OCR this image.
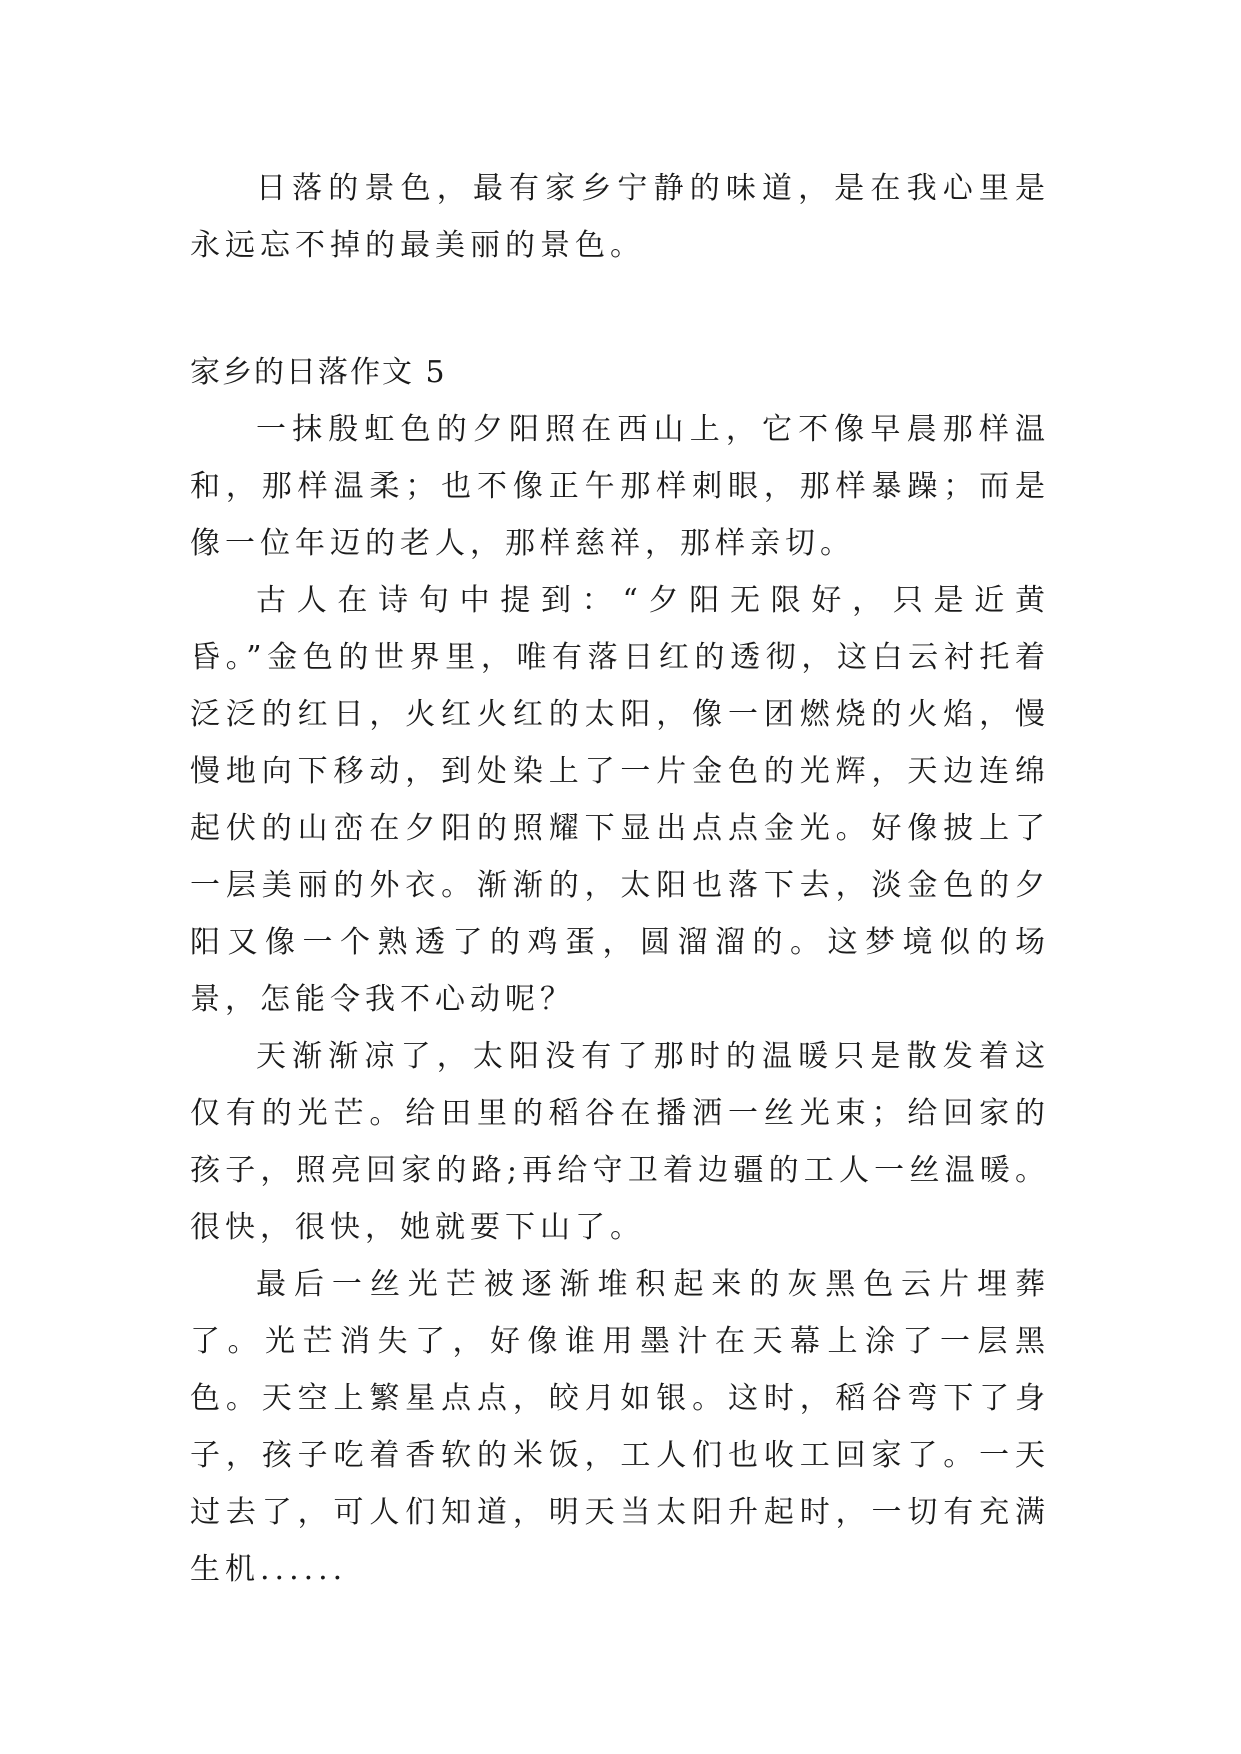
日落的景色，最有家乡宁静的味道，是在我心里是永远忘不掉的最美丽的景色。

家乡的日落作文 5

一抹殷虹色的夕阳照在西山上，它不像早晨那样温和，那样温柔；也不像正午那样刺眼，那样暴躁；而是像一位年迈的老人，那样慈祥，那样亲切。

古人在诗句中提到：“夕阳无限好，只是近黄昏。”金色的世界里，唯有落日红的透彻，这白云衬托着泛泛的红日，火红火红的太阳，像一团燃烧的火焰，慢慢地向下移动，到处染上了一片金色的光辉，天边连绵起伏的山峦在夕阳的照耀下显出点点金光。好像披上了一层美丽的外衣。渐渐的，太阳也落下去，淡金色的夕阳又像一个熟透了的鸡蛋，圆溜溜的。这梦境似的场景，怎能令我不心动呢？

天渐渐凉了，太阳没有了那时的温暖只是散发着这仅有的光芒。给田里的稻谷在播洒一丝光束；给回家的孩子，照亮回家的路;再给守卫着边疆的工人一丝温暖。很快，很快，她就要下山了。

最后一丝光芒被逐渐堆积起来的灰黑色云片埋葬了。光芒消失了，好像谁用墨汁在天幕上涂了一层黑色。天空上繁星点点，皎月如银。这时，稻谷弯下了身子，孩子吃着香软的米饭，工人们也收工回家了。一天过去了，可人们知道，明天当太阳升起时，一切有充满生机......
